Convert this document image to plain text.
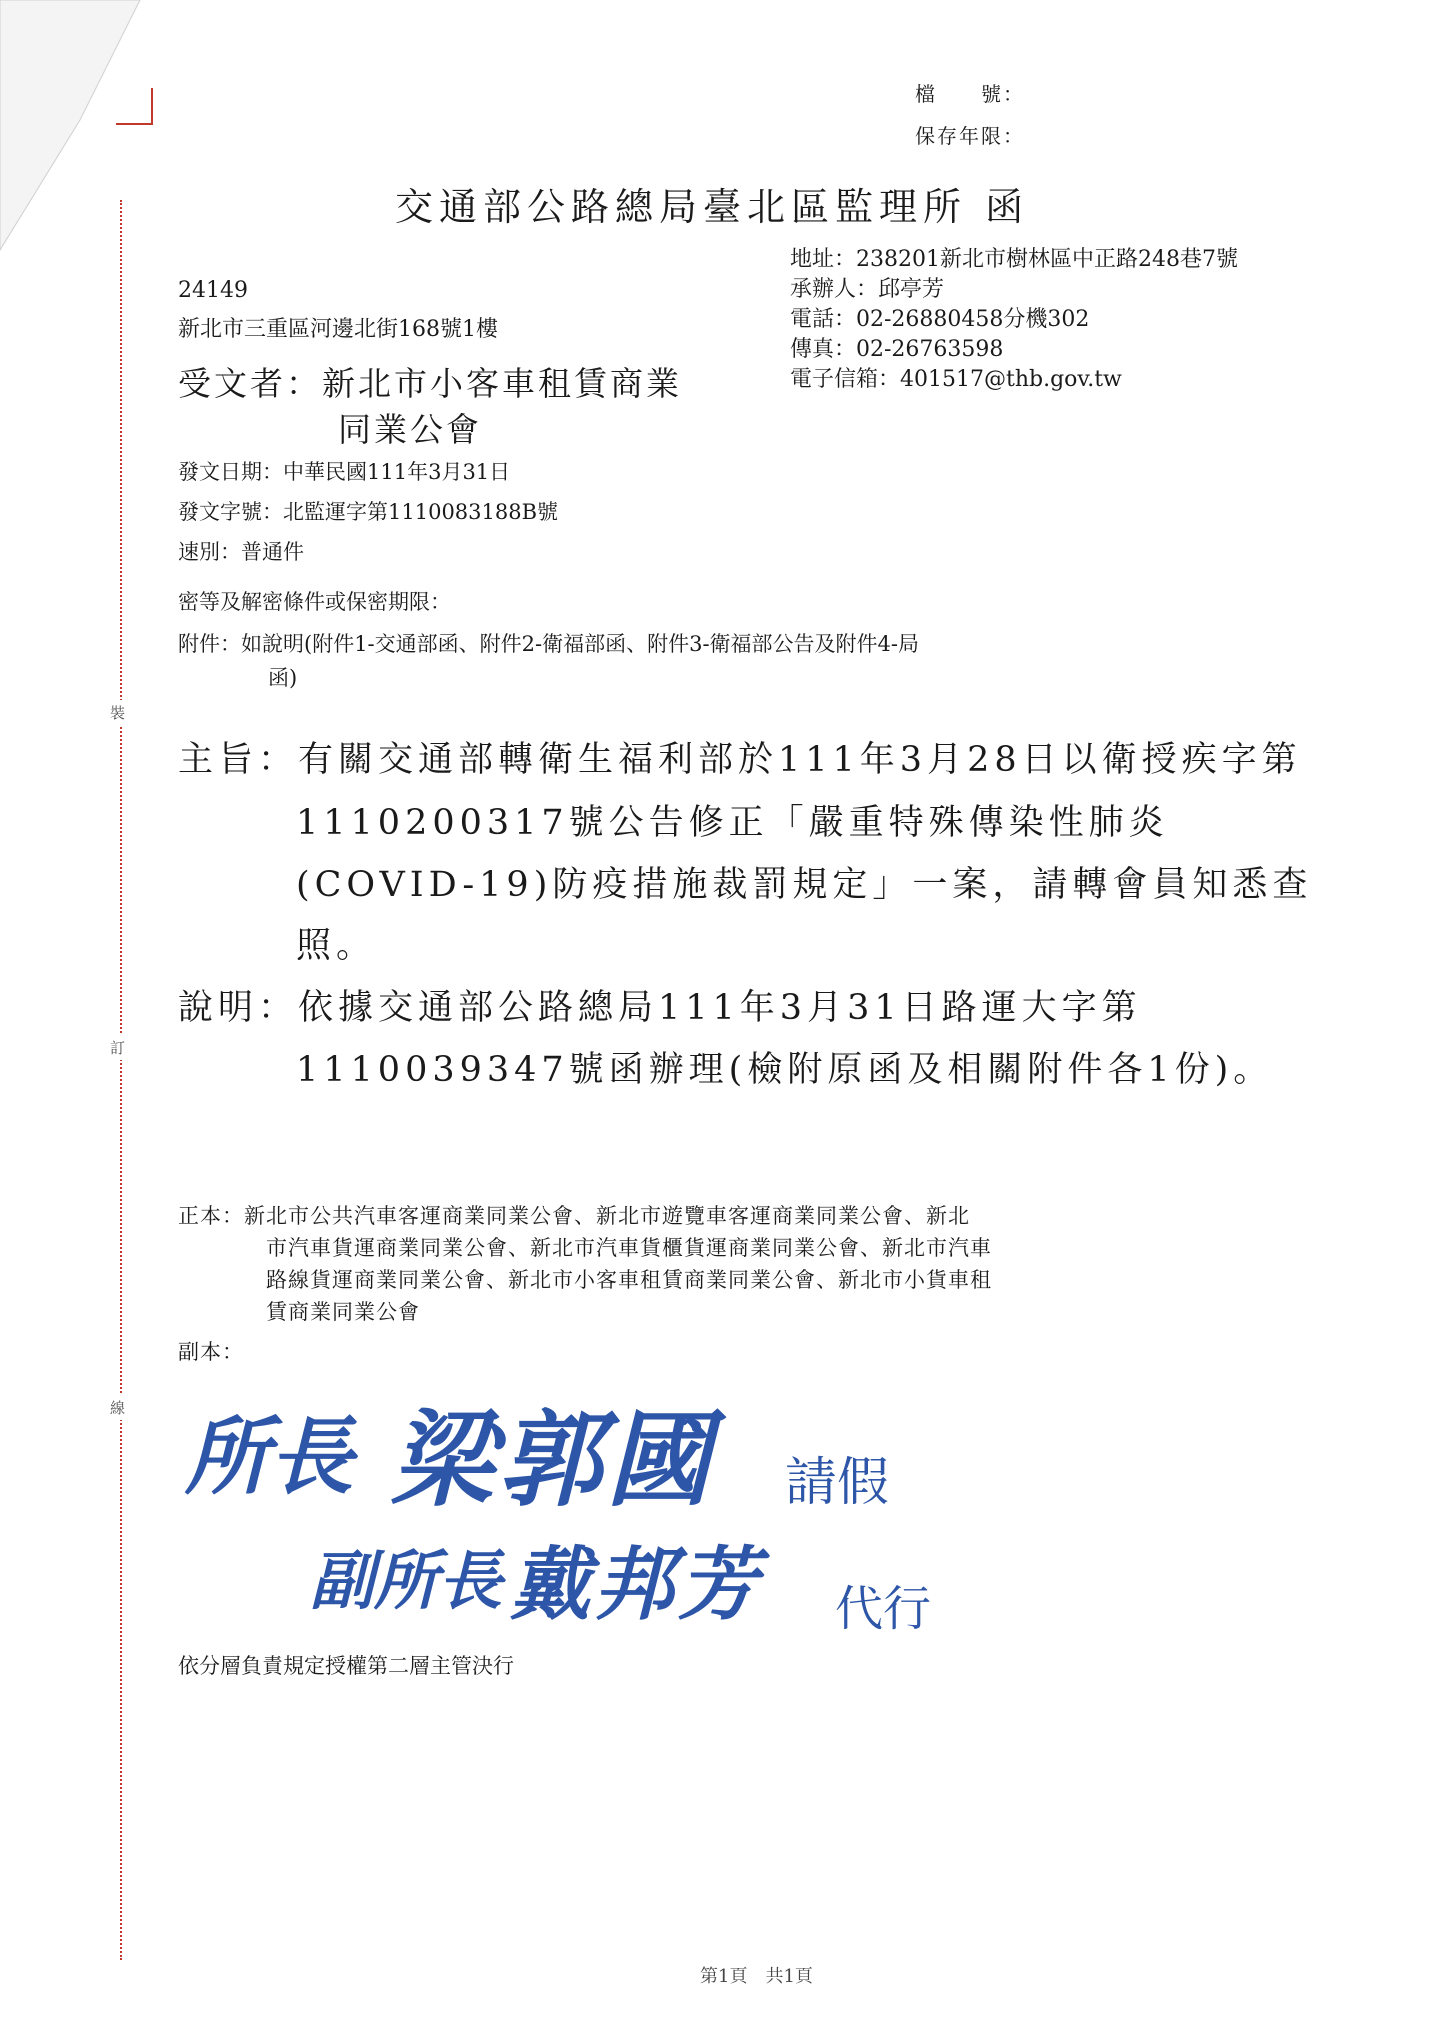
裝
訂
線
檔　　號：
保存年限：
交通部公路總局臺北區監理所 函
地址：238201新北市樹林區中正路248巷7號
承辦人：邱亭芳
電話：02-26880458分機302
傳真：02-26763598
電子信箱：401517@thb.gov.tw
24149
新北市三重區河邊北街168號1樓
受文者：新北市小客車租賃商業
同業公會
發文日期：中華民國111年3月31日
發文字號：北監運字第1110083188B號
速別：普通件
密等及解密條件或保密期限：
附件：如說明(附件1-交通部函、附件2-衛福部函、附件3-衛福部公告及附件4-局
函)
主旨：有關交通部轉衛生福利部於111年3月28日以衛授疾字第
1110200317號公告修正「嚴重特殊傳染性肺炎
(COVID-19)防疫措施裁罰規定」一案，請轉會員知悉查
照。
說明：依據交通部公路總局111年3月31日路運大字第
1110039347號函辦理(檢附原函及相關附件各1份)。
正本：新北市公共汽車客運商業同業公會、新北市遊覽車客運商業同業公會、新北
市汽車貨運商業同業公會、新北市汽車貨櫃貨運商業同業公會、新北市汽車
路線貨運商業同業公會、新北市小客車租賃商業同業公會、新北市小貨車租
賃商業同業公會
副本：
所長 梁郭國 請假
副所長 戴邦芳 代行
依分層負責規定授權第二層主管決行
第1頁　共1頁
